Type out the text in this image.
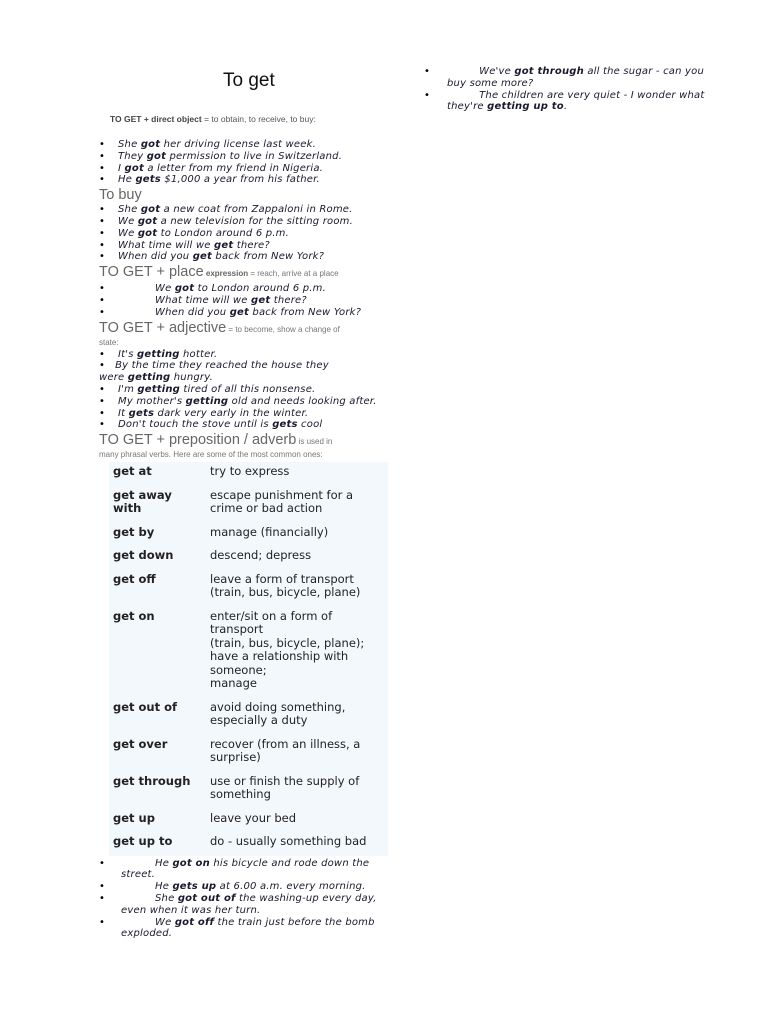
To get
TO GET + direct object = to obtain, to receive, to buy:
• She got her driving license last week.
• They got permission to live in Switzerland.
• I got a letter from my friend in Nigeria.
• He gets $1,000 a year from his father.
To buy
• She got a new coat from Zappaloni in Rome.
• We got a new television for the sitting room.
• We got to London around 6 p.m.
• What time will we get there?
• When did you get back from New York?
TO GET + place expression = reach, arrive at a place
• We got to London around 6 p.m.
• What time will we get there?
• When did you get back from New York?
TO GET + adjective = to become, show a change of
state:
• It's getting hotter.
• By the time they reached the house they
were getting hungry.
• I'm getting tired of all this nonsense.
• My mother's getting old and needs looking after.
• It gets dark very early in the winter.
• Don't touch the stove until is gets cool
TO GET + preposition / adverb is used in
many phrasal verbs. Here are some of the most common ones:
get at	try to express
get away with	escape punishment for a crime or bad action
get by	manage (financially)
get down	descend; depress
get off	leave a form of transport (train, bus, bicycle, plane)
get on	enter/sit on a form of transport
(train, bus, bicycle, plane); have a relationship with someone;
manage
get out of	avoid doing something, especially a duty
get over	recover (from an illness, a surprise)
get through	use or finish the supply of something
get up	leave your bed
get up to	do - usually something bad
• He got on his bicycle and rode down the
street.
• He gets up at 6.00 a.m. every morning.
• She got out of the washing-up every day,
even when it was her turn.
• We got off the train just before the bomb
exploded.
• We've got through all the sugar - can you
buy some more?
• The children are very quiet - I wonder what
they're getting up to.
